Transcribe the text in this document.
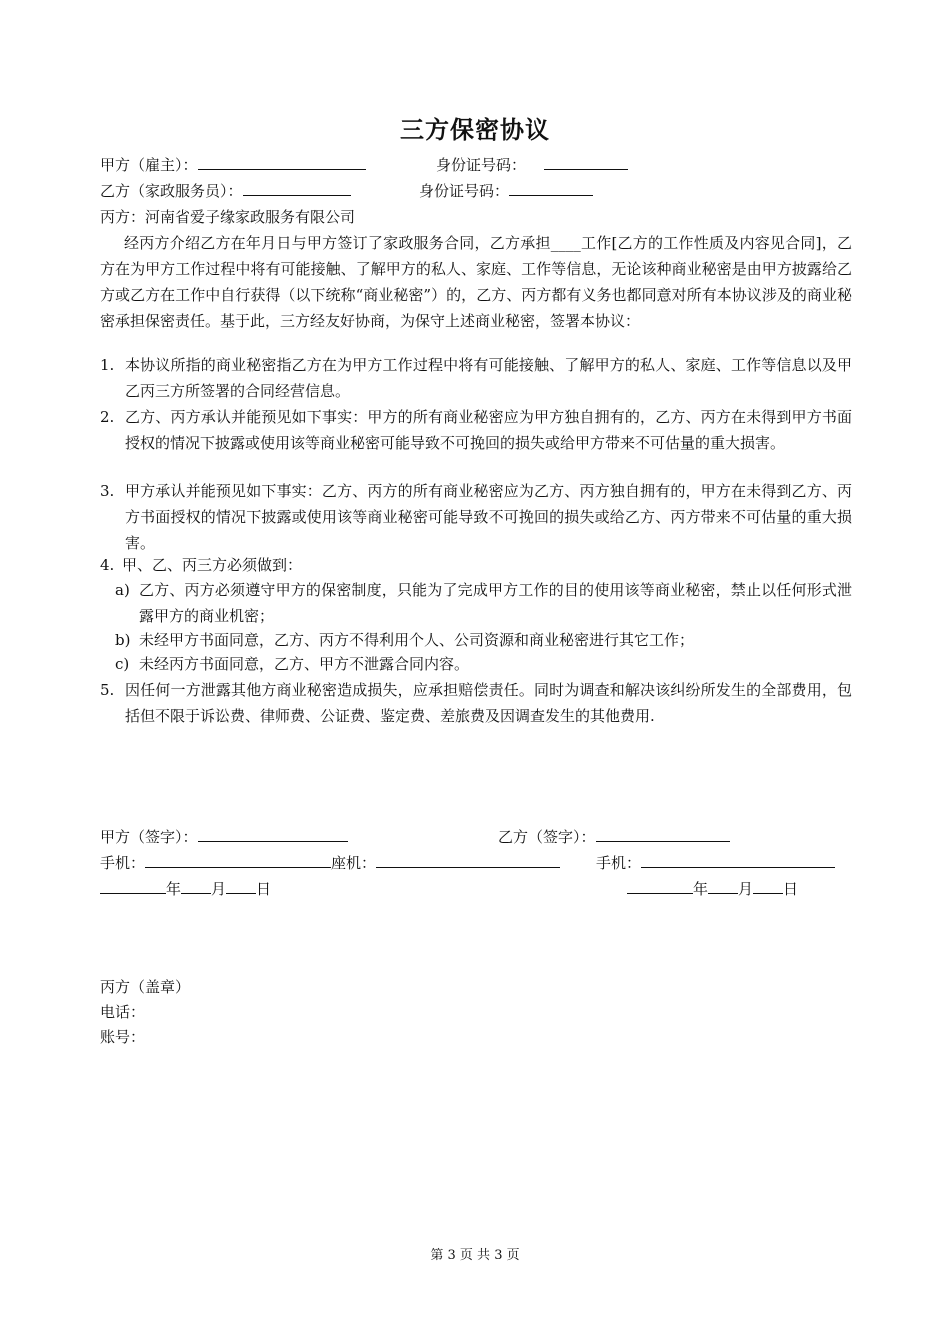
三方保密协议
甲方（雇主）：	身份证号码：
乙方（家政服务员）：	身份证号码：
丙方：河南省爱子缘家政服务有限公司
经丙方介绍乙方在年月日与甲方签订了家政服务合同，乙方承担____工作[乙方的工作性质及内容见合同]，乙方在为甲方工作过程中将有可能接触、了解甲方的私人、家庭、工作等信息，无论该种商业秘密是由甲方披露给乙方或乙方在工作中自行获得（以下统称“商业秘密”）的，乙方、丙方都有义务也都同意对所有本协议涉及的商业秘密承担保密责任。基于此，三方经友好协商，为保守上述商业秘密，签署本协议：
1. 本协议所指的商业秘密指乙方在为甲方工作过程中将有可能接触、了解甲方的私人、家庭、工作等信息以及甲乙丙三方所签署的合同经营信息。
2. 乙方、丙方承认并能预见如下事实：甲方的所有商业秘密应为甲方独自拥有的，乙方、丙方在未得到甲方书面授权的情况下披露或使用该等商业秘密可能导致不可挽回的损失或给甲方带来不可估量的重大损害。
3. 甲方承认并能预见如下事实：乙方、丙方的所有商业秘密应为乙方、丙方独自拥有的，甲方在未得到乙方、丙方书面授权的情况下披露或使用该等商业秘密可能导致不可挽回的损失或给乙方、丙方带来不可估量的重大损害。
4. 甲、乙、丙三方必须做到：
a) 乙方、丙方必须遵守甲方的保密制度，只能为了完成甲方工作的目的使用该等商业秘密，禁止以任何形式泄露甲方的商业机密；
b) 未经甲方书面同意，乙方、丙方不得利用个人、公司资源和商业秘密进行其它工作；
c) 未经丙方书面同意，乙方、甲方不泄露合同内容。
5. 因任何一方泄露其他方商业秘密造成损失，应承担赔偿责任。同时为调查和解决该纠纷所发生的全部费用，包括但不限于诉讼费、律师费、公证费、鉴定费、差旅费及因调查发生的其他费用.
甲方（签字）：	乙方（签字）：
手机：	座机：	手机：
年 月 日	年 月 日
丙方（盖章）
电话：
账号：
第 3 页 共 3 页
